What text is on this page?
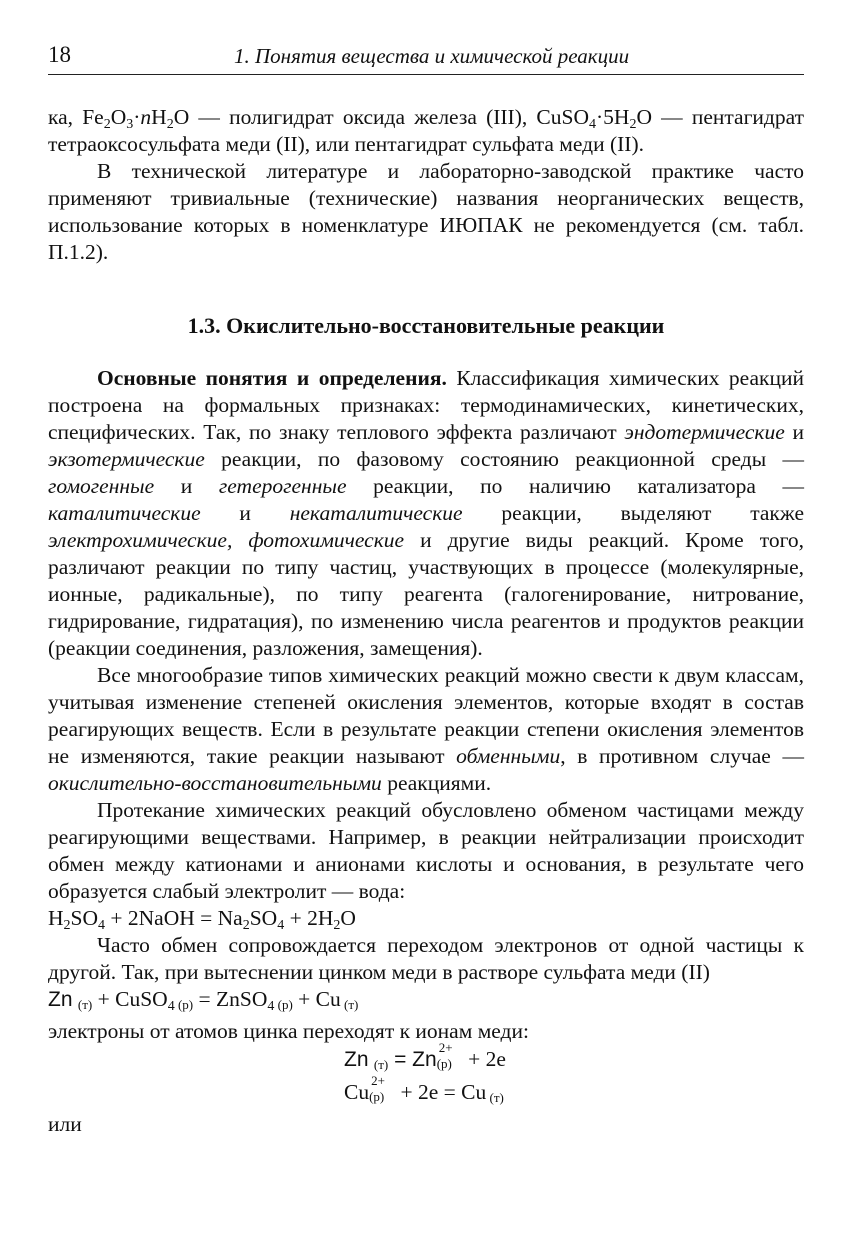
18	1. Понятия вещества и химической реакции

ка, $Fe_2O_3\cdot nH_2O$ — полигидрат оксида железа (III), $CuSO_4\cdot 5H_2O$ — пентагидрат тетраоксосульфата меди (II), или пентагидрат сульфата меди (II).

В технической литературе и лабораторно-заводской практике часто применяют тривиальные (технические) названия неорганических веществ, использование которых в номенклатуре ИЮПАК не рекомендуется (см. табл. П.1.2).

1.3. Окислительно-восстановительные реакции

Основные понятия и определения. Классификация химических реакций построена на формальных признаках: термодинамических, кинетических, специфических. Так, по знаку теплового эффекта различают эндотермические и экзотермические реакции, по фазовому состоянию реакционной среды — гомогенные и гетерогенные реакции, по наличию катализатора — каталитические и некаталитические реакции, выделяют также электрохимические, фотохимические и другие виды реакций. Кроме того, различают реакции по типу частиц, участвующих в процессе (молекулярные, ионные, радикальные), по типу реагента (галогенирование, нитрование, гидрирование, гидратация), по изменению числа реагентов и продуктов реакции (реакции соединения, разложения, замещения).

Все многообразие типов химических реакций можно свести к двум классам, учитывая изменение степеней окисления элементов, которые входят в состав реагирующих веществ. Если в результате реакции степени окисления элементов не изменяются, такие реакции называют обменными, в противном случае — окислительно-восстановительными реакциями.

Протекание химических реакций обусловлено обменом частицами между реагирующими веществами. Например, в реакции нейтрализации происходит обмен между катионами и анионами кислоты и основания, в результате чего образуется слабый электролит — вода:

$H_2SO_4$ + 2NaOH = $Na_2SO_4 + 2H_2O$

Часто обмен сопровождается переходом электронов от одной частицы к другой. Так, при вытеснении цинком меди в растворе сульфата меди (II)

Zn (т) + CuSO$_4$ (р) = ZnSO$_4$ (р) + Cu (т)

электроны от атомов цинка переходят к ионам меди:

Zn (т) = Zn
2+
(р) + 2e

Cu 2+
(р) + 2e = Cu (т)

или
